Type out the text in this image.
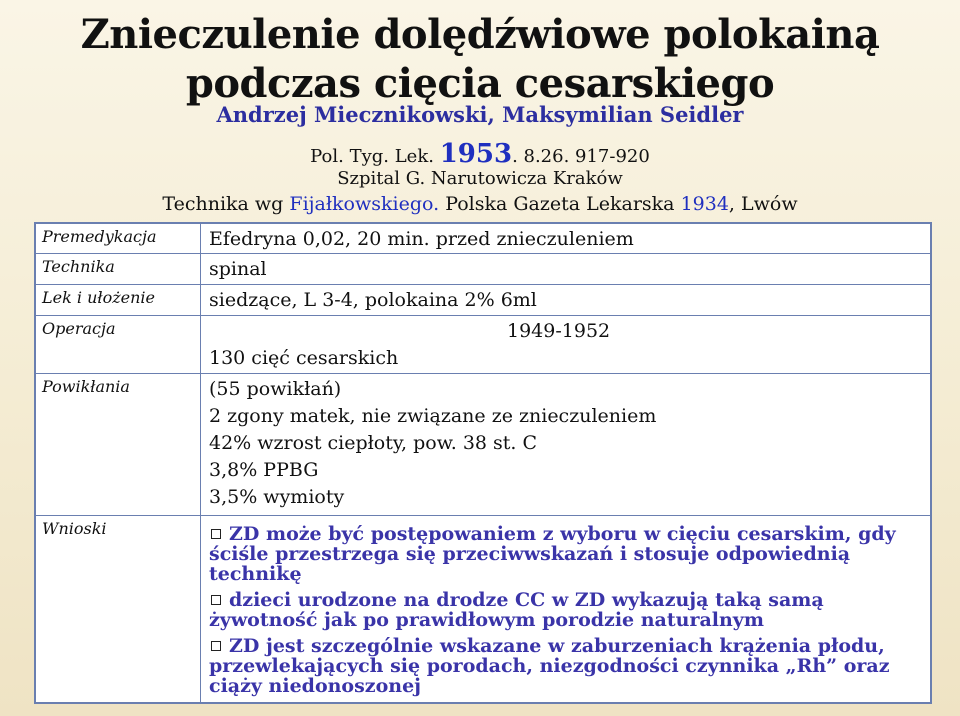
Znieczulenie dolędźwiowe polokainą
podczas cięcia cesarskiego
Andrzej Miecznikowski, Maksymilian Seidler
Pol. Tyg. Lek. 1953. 8.26. 917-920
Szpital G. Narutowicza Kraków
Technika wg Fijałkowskiego. Polska Gazeta Lekarska 1934, Lwów
Premedykacja	Efedryna 0,02, 20 min. przed znieczuleniem

Technika	spinal

Lek i ułożenie	siedzące, L 3-4, polokaina 2% 6ml

Operacja	1949-1952
130 cięć cesarskich

Powikłania	(55 powikłań)
2 zgony matek, nie związane ze znieczuleniem
42% wzrost ciepłoty, pow. 38 st. C
3,8% PPBG
3,5% wymioty

Wnioski	ZD może być postępowaniem z wyboru w cięciu cesarskim, gdy ściśle przestrzega się przeciwwskazań i stosuje odpowiednią technikę
dzieci urodzone na drodze CC w ZD wykazują taką samą żywotność jak po prawidłowym porodzie naturalnym
ZD jest szczególnie wskazane w zaburzeniach krążenia płodu, przewlekających się porodach, niezgodności czynnika „Rh” oraz ciąży niedonoszonej
